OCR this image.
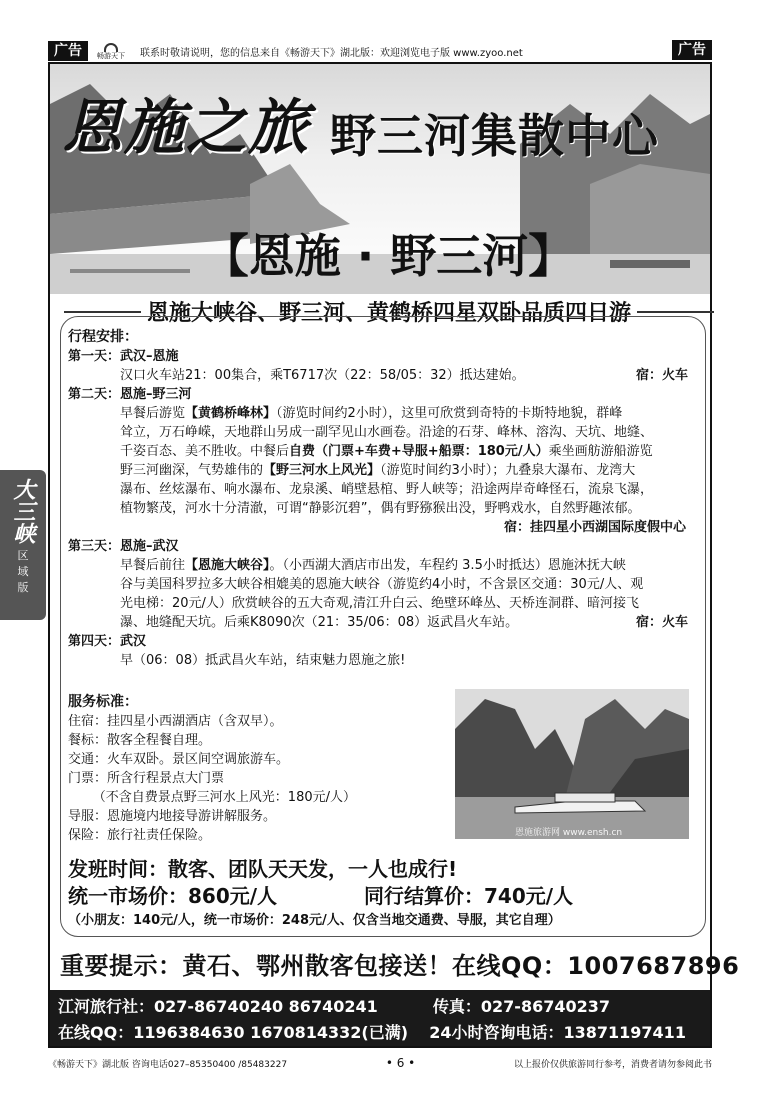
广告	畅游天下 联系时敬请说明，您的信息来自《畅游天下》湖北版：欢迎浏览电子版 www.zyoo.net	广告
恩施之旅 野三河集散中心
【恩施 · 野三河】
恩施大峡谷、野三河、黄鹤桥四星双卧品质四日游
行程安排：
第一天： 武汉–恩施
汉口火车站21：00集合，乘T6717次（22：58/05：32）抵达建始。	宿：火车
第二天： 恩施–野三河
早餐后游览【黄鹤桥峰林】（游览时间约2小时），这里可欣赏到奇特的卡斯特地貌，群峰
耸立，万石峥嵘，天地群山另成一副罕见山水画卷。沿途的石芽、峰林、溶沟、天坑、地缝、
千姿百态、美不胜收。中餐后自费（门票+车费+导服+船票：180元/人）乘坐画舫游船游览
野三河幽深，气势雄伟的【野三河水上风光】（游览时间约3小时）；九叠泉大瀑布、龙湾大
瀑布、丝炫瀑布、响水瀑布、龙泉溪、峭壁悬棺、野人峡等；沿途两岸奇峰怪石，流泉飞瀑，
植物繁茂，河水十分清澈，可谓“静影沉碧”，偶有野猕猴出没，野鸭戏水，自然野趣浓郁。
宿：挂四星小西湖国际度假中心
第三天： 恩施–武汉
早餐后前往【恩施大峡谷】。（小西湖大酒店市出发，车程约 3.5小时抵达）恩施沐抚大峡
谷与美国科罗拉多大峡谷相媲美的恩施大峡谷（游览约4小时，不含景区交通：30元/人、观
光电梯：20元/人）欣赏峡谷的五大奇观,清江升白云、绝壁环峰丛、天桥连洞群、暗河接飞
瀑、地缝配天坑。后乘K8090次（21：35/06：08）返武昌火车站。	宿：火车
第四天： 武汉
早（06：08）抵武昌火车站，结束魅力恩施之旅!
服务标准：
住宿：挂四星小西湖酒店（含双早）。
餐标：散客全程餐自理。
交通：火车双卧。景区间空调旅游车。
门票：所含行程景点大门票
（不含自费景点野三河水上风光：180元/人）
导服：恩施境内地接导游讲解服务。
保险：旅行社责任保险。	恩施旅游网 www.ensh.cn
发班时间：散客、团队天天发，一人也成行!
统一市场价：860元/人	同行结算价：740元/人
（小朋友：140元/人，统一市场价：248元/人、仅含当地交通费、导服，其它自理）
重要提示：黄石、鄂州散客包接送！在线QQ：1007687896
江河旅行社：027-86740240 86740241	传真：027-86740237
在线QQ：1196384630 1670814332(已满) 24小时咨询电话：13871197411
《畅游天下》湖北版 咨询电话027–85350400 /85483227	• 6 •	以上报价仅供旅游同行参考，消费者请勿参阅此书
大三峡
区
域
版
